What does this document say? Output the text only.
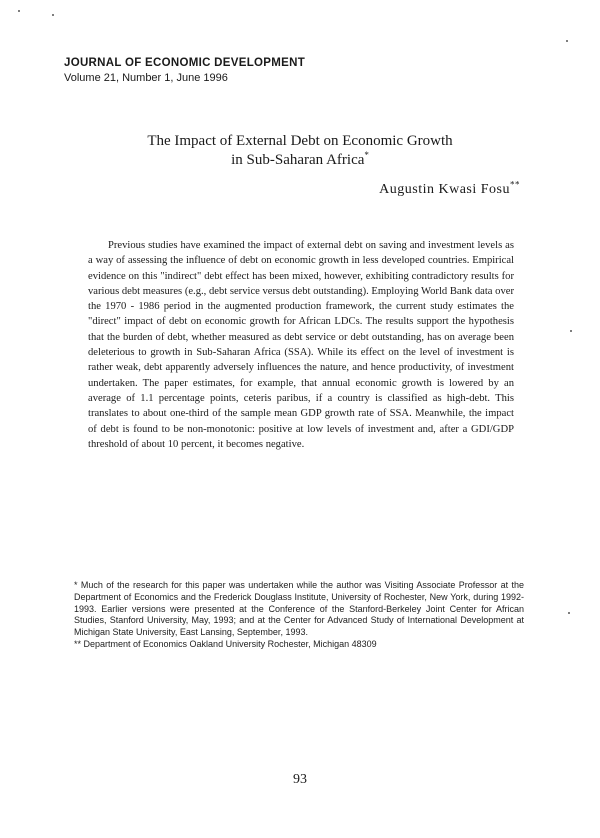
JOURNAL OF ECONOMIC DEVELOPMENT
Volume 21, Number 1, June 1996
The Impact of External Debt on Economic Growth
in Sub-Saharan Africa*
Augustin Kwasi Fosu**

Previous studies have examined the impact of external debt on saving and investment levels as a way of assessing the influence of debt on economic growth in less developed countries. Empirical evidence on this "indirect" debt effect has been mixed, however, exhibiting contradictory results for various debt measures (e.g., debt service versus debt outstanding). Employing World Bank data over the 1970 - 1986 period in the augmented production framework, the current study estimates the "direct" impact of debt on economic growth for African LDCs. The results support the hypothesis that the burden of debt, whether measured as debt service or debt outstanding, has on average been deleterious to growth in Sub-Saharan Africa (SSA). While its effect on the level of investment is rather weak, debt apparently adversely influences the nature, and hence productivity, of investment undertaken. The paper estimates, for example, that annual economic growth is lowered by an average of 1.1 percentage points, ceteris paribus, if a country is classified as high-debt. This translates to about one-third of the sample mean GDP growth rate of SSA. Meanwhile, the impact of debt is found to be non-monotonic: positive at low levels of investment and, after a GDI/GDP threshold of about 10 percent, it becomes negative.

* Much of the research for this paper was undertaken while the author was Visiting Associate Professor at the Department of Economics and the Frederick Douglass Institute, University of Rochester, New York, during 1992-1993. Earlier versions were presented at the Conference of the Stanford-Berkeley Joint Center for African Studies, Stanford University, May, 1993; and at the Center for Advanced Study of International Development at Michigan State University, East Lansing, September, 1993.

** Department of Economics Oakland University Rochester, Michigan 48309

93
